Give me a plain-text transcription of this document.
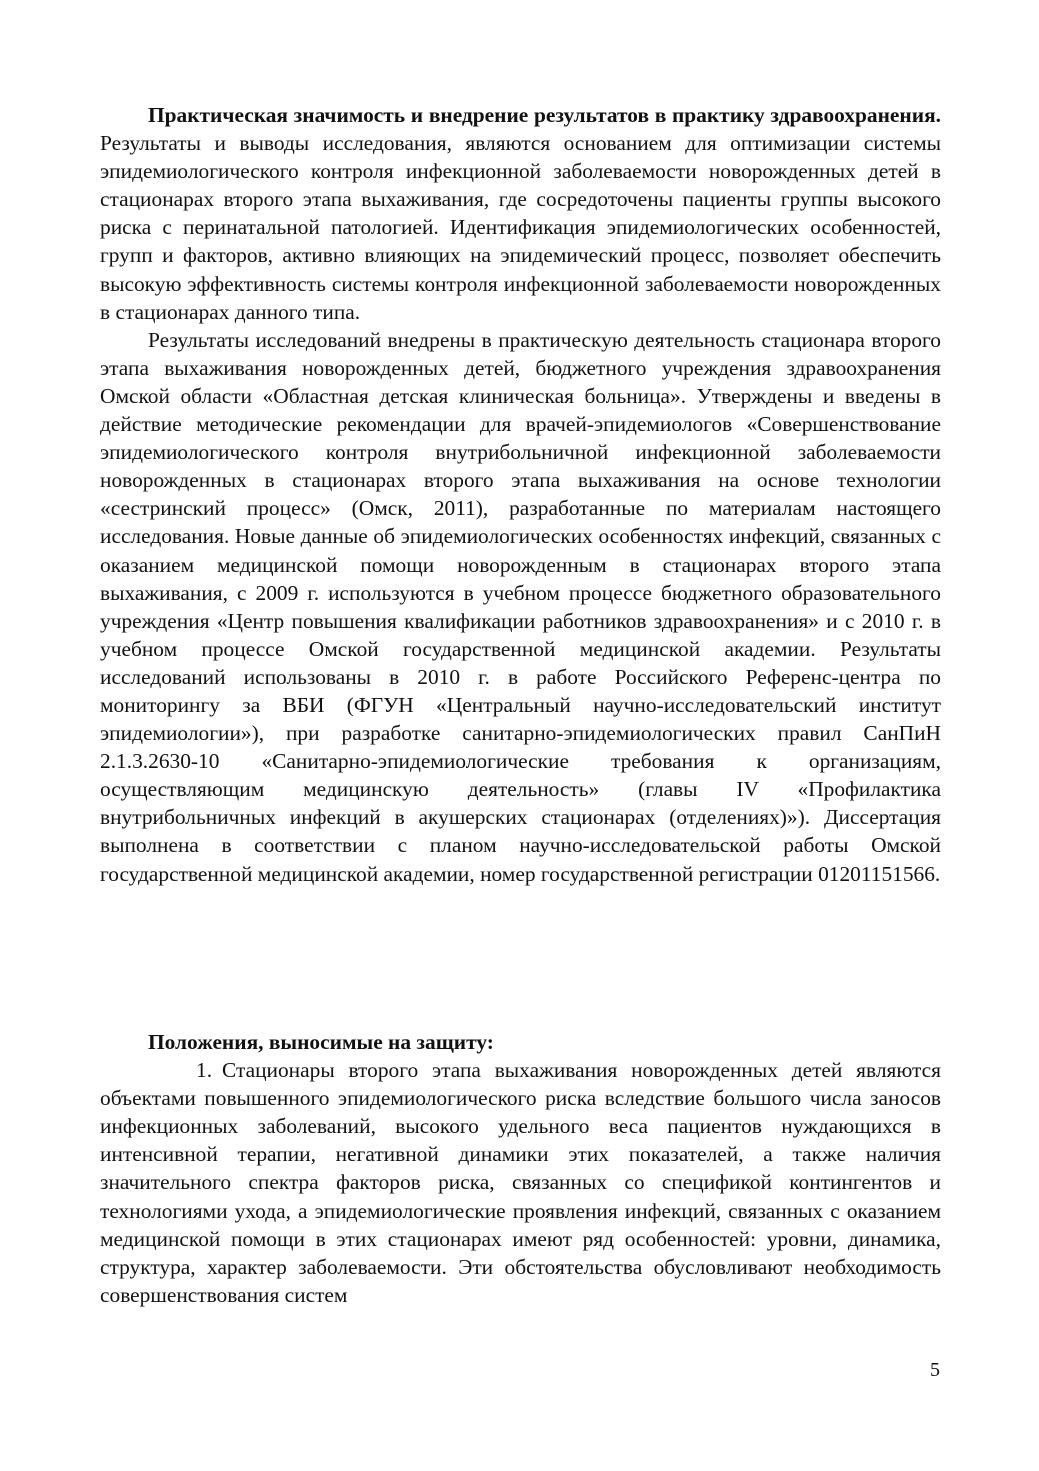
Практическая значимость и внедрение результатов в практику здравоохранения. Результаты и выводы исследования, являются основанием для оптимизации системы эпидемиологического контроля инфекционной заболеваемости новорожденных детей в стационарах второго этапа выхаживания, где сосредоточены пациенты группы высокого риска с перинатальной патологией. Идентификация эпидемиологических особенностей, групп и факторов, активно влияющих на эпидемический процесс, позволяет обеспечить высокую эффективность системы контроля инфекционной заболеваемости новорожденных в стационарах данного типа.

Результаты исследований внедрены в практическую деятельность стационара второго этапа выхаживания новорожденных детей, бюджетного учреждения здравоохранения Омской области «Областная детская клиническая больница». Утверждены и введены в действие методические рекомендации для врачей-эпидемиологов «Совершенствование эпидемиологического контроля внутрибольничной инфекционной заболеваемости новорожденных в стационарах второго этапа выхаживания на основе технологии «сестринский процесс» (Омск, 2011), разработанные по материалам настоящего исследования. Новые данные об эпидемиологических особенностях инфекций, связанных с оказанием медицинской помощи новорожденным в стационарах второго этапа выхаживания, с 2009 г. используются в учебном процессе бюджетного образовательного учреждения «Центр повышения квалификации работников здравоохранения» и с 2010 г. в учебном процессе Омской государственной медицинской академии. Результаты исследований использованы в 2010 г. в работе Российского Референс-центра по мониторингу за ВБИ (ФГУН «Центральный научно-исследовательский институт эпидемиологии»), при разработке санитарно-эпидемиологических правил СанПиН 2.1.3.2630-10 «Санитарно-эпидемиологические требования к организациям, осуществляющим медицинскую деятельность» (главы IV «Профилактика внутрибольничных инфекций в акушерских стационарах (отделениях)»). Диссертация выполнена в соответствии с планом научно-исследовательской работы Омской государственной медицинской академии, номер государственной регистрации 01201151566.

Положения, выносимые на защиту:

1. Стационары второго этапа выхаживания новорожденных детей являются объектами повышенного эпидемиологического риска вследствие большого числа заносов инфекционных заболеваний, высокого удельного веса пациентов нуждающихся в интенсивной терапии, негативной динамики этих показателей, а также наличия значительного спектра факторов риска, связанных со спецификой контингентов и технологиями ухода, а эпидемиологические проявления инфекций, связанных с оказанием медицинской помощи в этих стационарах имеют ряд особенностей: уровни, динамика, структура, характер заболеваемости. Эти обстоятельства обусловливают необходимость совершенствования систем

5
